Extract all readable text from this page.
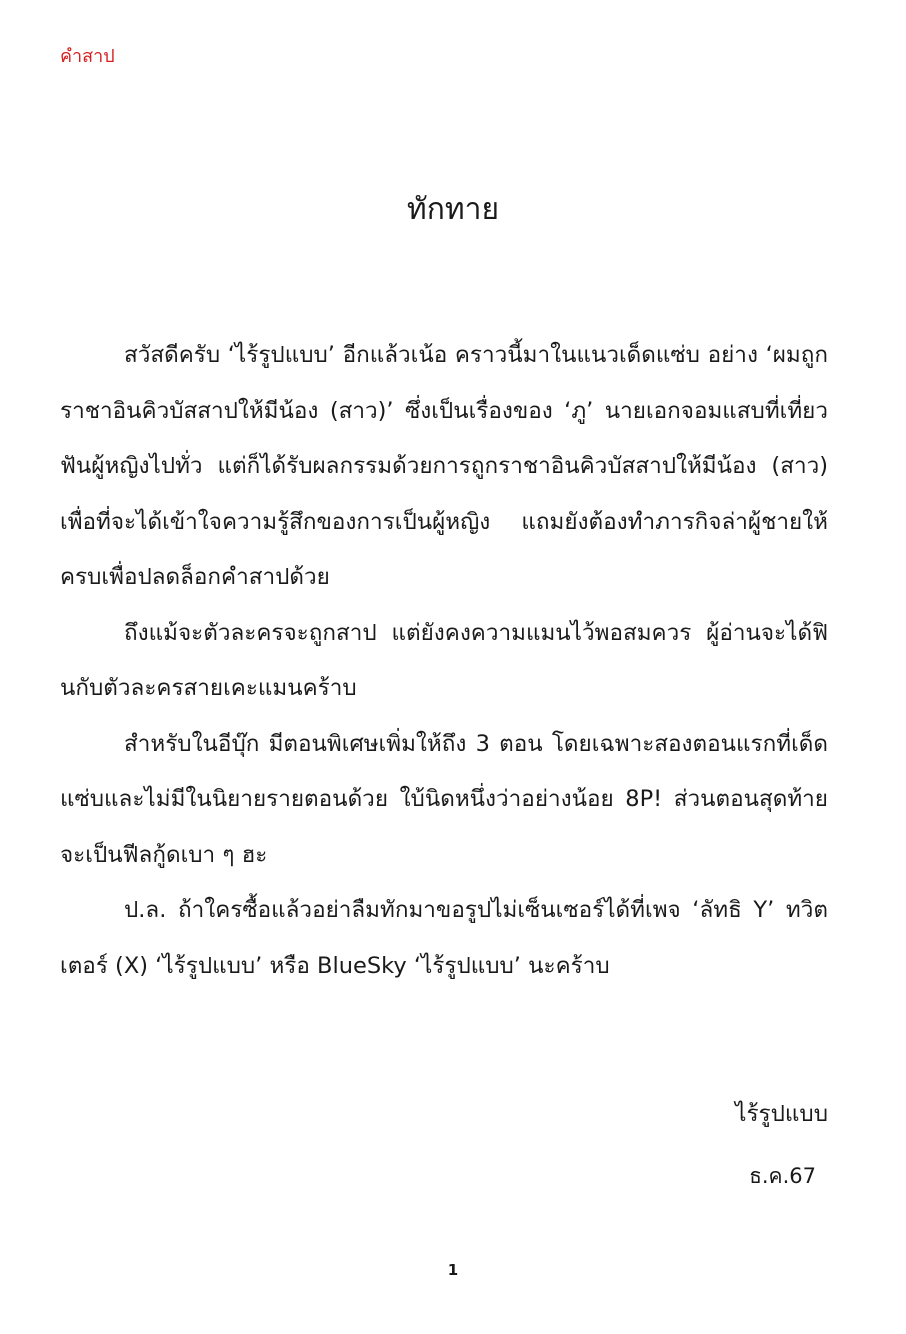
คำสาป
ทักทาย

สวัสดีครับ ‘ไร้รูปแบบ’ อีกแล้วเน้อ คราวนี้มาในแนวเด็ดแซ่บ อย่าง ‘ผมถูกราชาอินคิวบัสสาปให้มีน้อง (สาว)’ ซึ่งเป็นเรื่องของ ‘ภู’ นายเอกจอมแสบที่เที่ยวฟันผู้หญิงไปทั่ว แต่ก็ได้รับผลกรรมด้วยการถูกราชาอินคิวบัสสาปให้มีน้อง (สาว) เพื่อที่จะได้เข้าใจความรู้สึกของการเป็นผู้หญิง แถมยังต้องทำภารกิจล่าผู้ชายให้ครบเพื่อปลดล็อกคำสาปด้วย

ถึงแม้จะตัวละครจะถูกสาป แต่ยังคงความแมนไว้พอสมควร ผู้อ่านจะได้ฟินกับตัวละครสายเคะแมนคร้าบ

สำหรับในอีบุ๊ก มีตอนพิเศษเพิ่มให้ถึง 3 ตอน โดยเฉพาะสองตอนแรกที่เด็ดแซ่บและไม่มีในนิยายรายตอนด้วย ใบ้นิดหนึ่งว่าอย่างน้อย 8P! ส่วนตอนสุดท้ายจะเป็นฟีลกู้ดเบา ๆ ฮะ

ป.ล. ถ้าใครซื้อแล้วอย่าลืมทักมาขอรูปไม่เซ็นเซอร์ได้ที่เพจ ‘ลัทธิ Y’ ทวิตเตอร์ (X) ‘ไร้รูปแบบ’ หรือ BlueSky ‘ไร้รูปแบบ’ นะคร้าบ

ไร้รูปแบบ
ธ.ค.67
1
